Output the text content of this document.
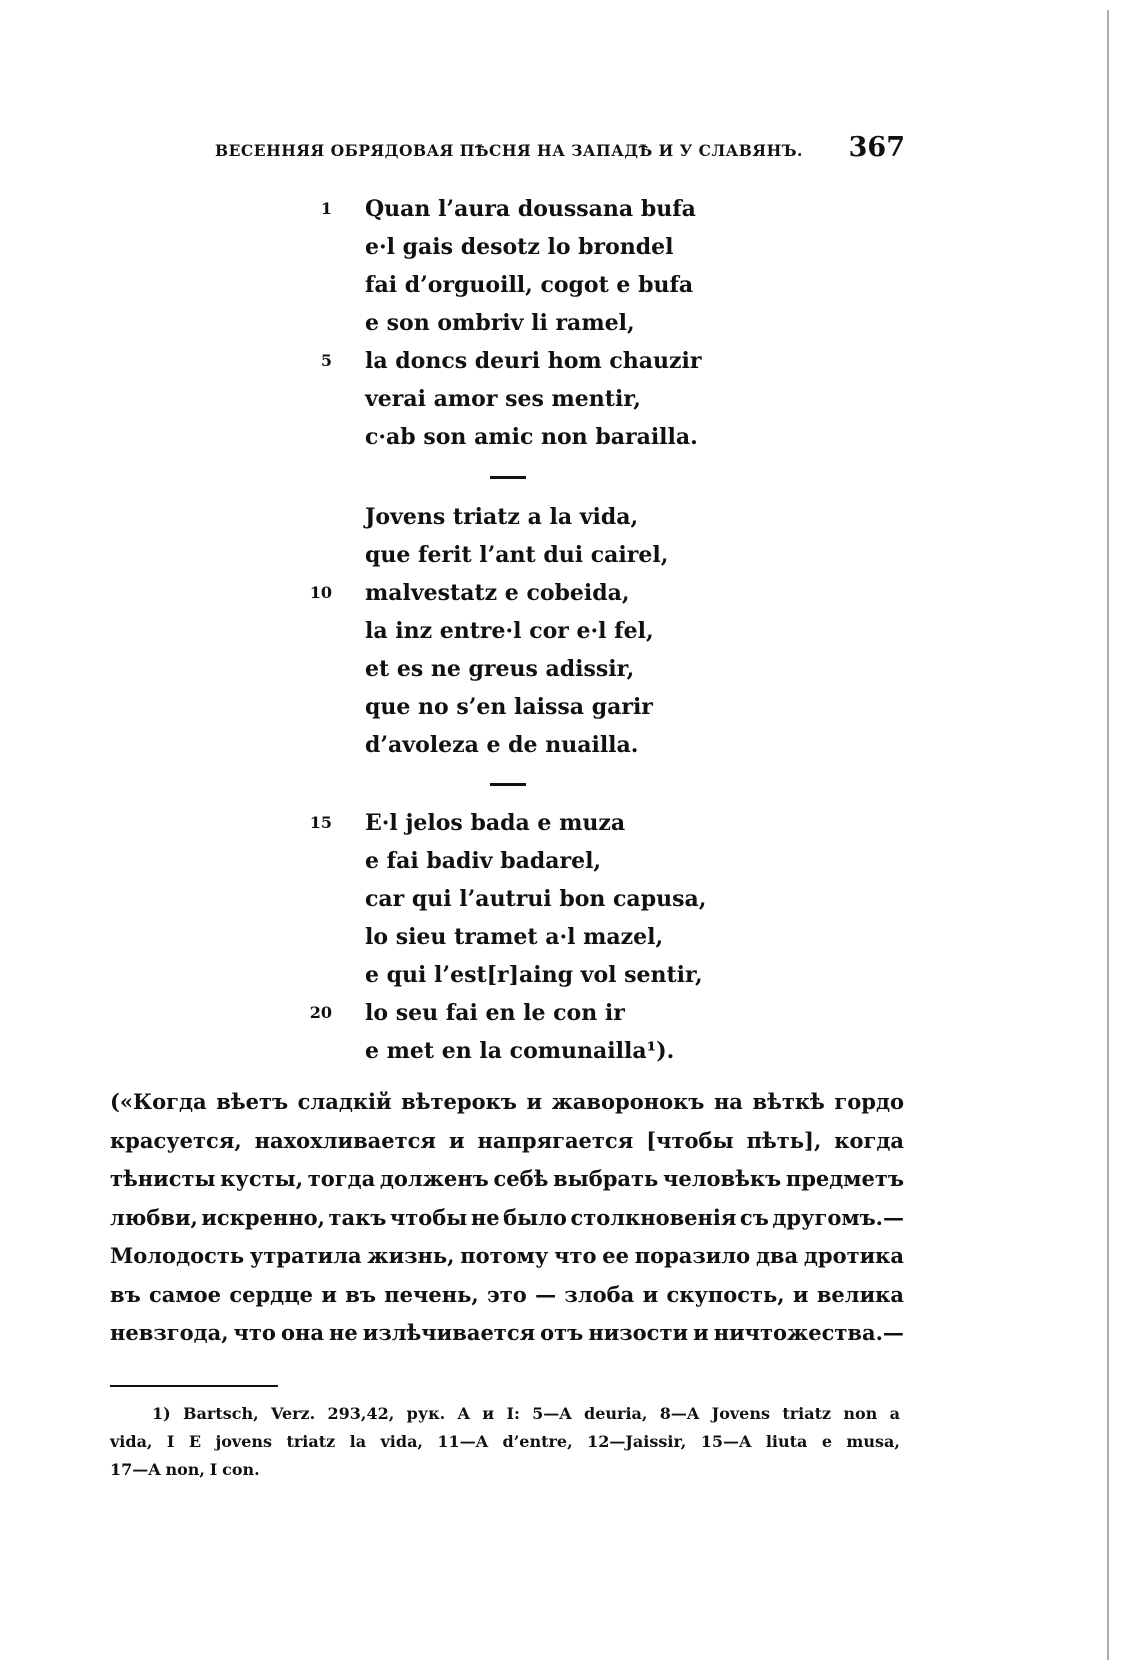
ВЕСЕННЯЯ ОБРЯДОВАЯ ПѢСНЯ НА ЗАПАДѢ И У СЛАВЯНЪ. 367
1 Quan l’aura doussana bufa
e·l gais desotz lo brondel
fai d’orguoill, cogot e bufa
e son ombriv li ramel,
5 la doncs deuri hom chauzir
verai amor ses mentir,
c·ab son amic non barailla.
Jovens triatz a la vida,
que ferit l’ant dui cairel,
10 malvestatz e cobeida,
la inz entre·l cor e·l fel,
et es ne greus adissir,
que no s’en laissa garir
d’avoleza e de nuailla.
15 E·l jelos bada e muza
e fai badiv badarel,
car qui l’autrui bon capusa,
lo sieu tramet a·l mazel,
e qui l’est[r]aing vol sentir,
20 lo seu fai en le con ir
e met en la comunailla¹).
(«Когда вѣетъ сладкій вѣтерокъ и жаворонокъ на вѣткѣ гордо
красуется, нахохливается и напрягается [чтобы пѣть], когда
тѣнисты кусты, тогда долженъ себѣ выбрать человѣкъ предметъ
любви, искренно, такъ чтобы не было столкновенія съ другомъ.—
Молодость утратила жизнь, потому что ее поразило два дротика
въ самое сердце и въ печень, это — злоба и скупость, и велика
невзгода, что она не излѣчивается отъ низости и ничтожества.—
1) Bartsch, Verz. 293,42, рук. A и I: 5—A deuria, 8—A Jovens triatz non a
vida, I E jovens triatz la vida, 11—A d’entre, 12—Jaissir, 15—A liuta e musa,
17—A non, I con.
